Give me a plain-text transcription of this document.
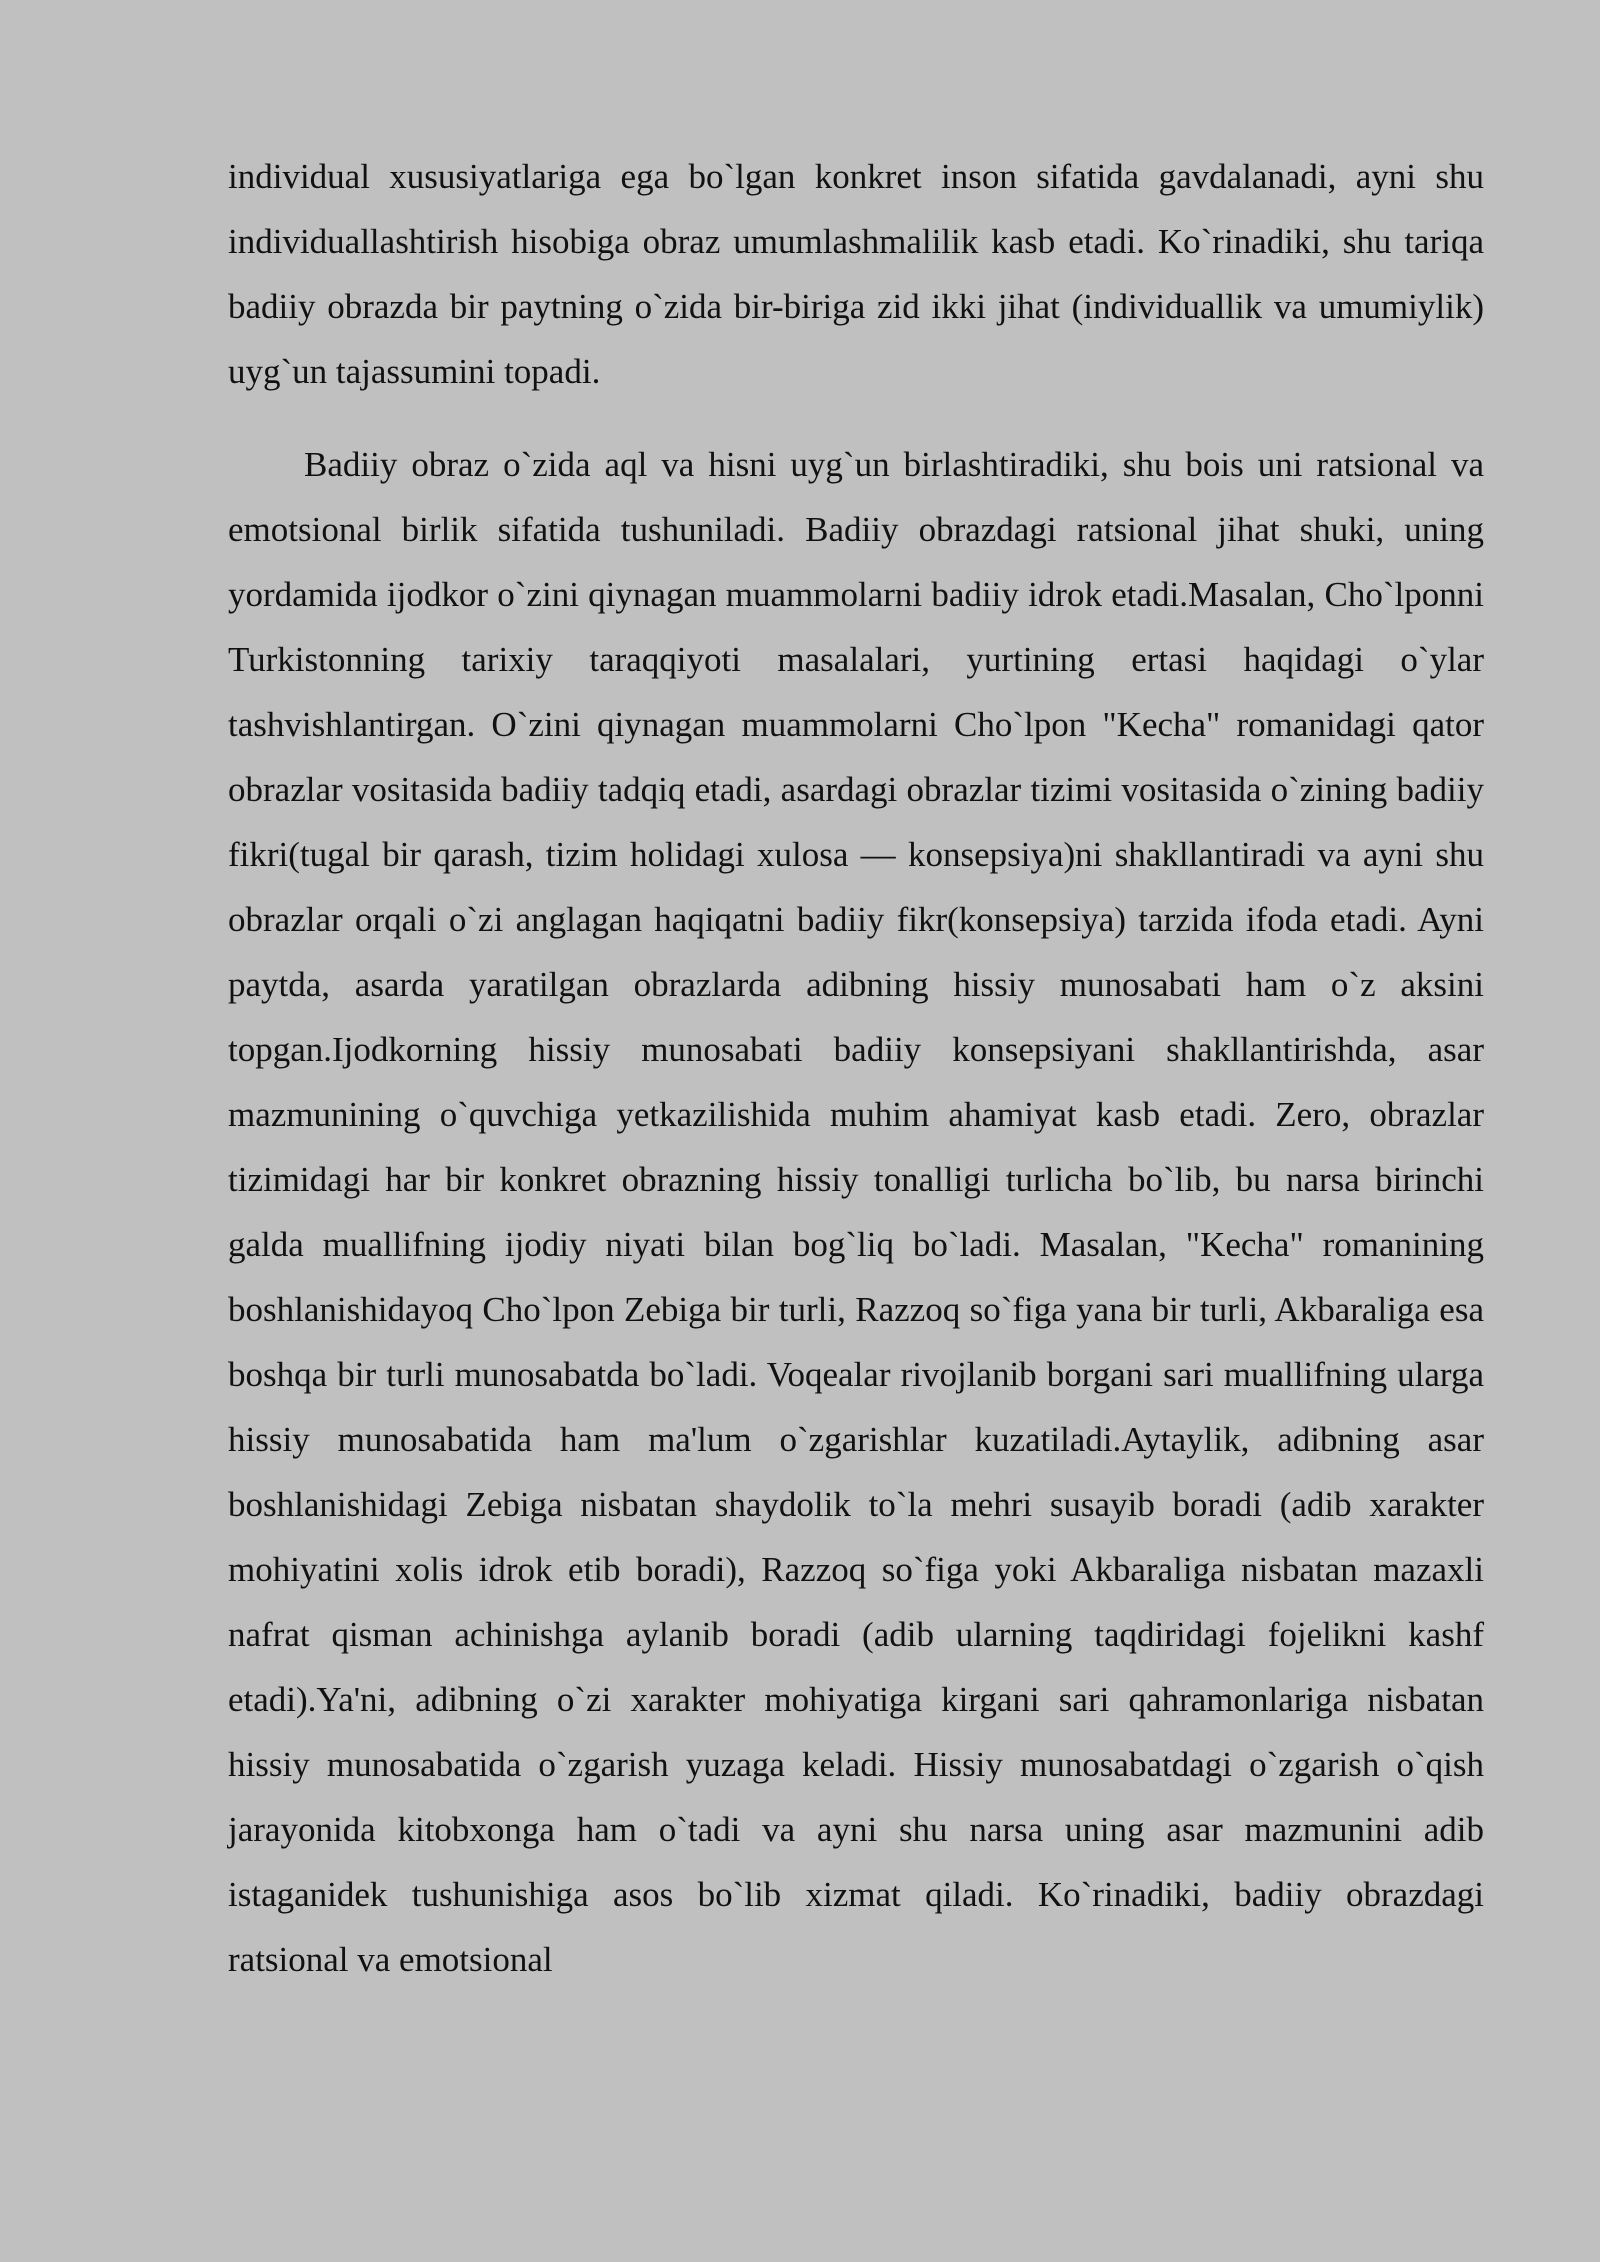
individual xususiyatlariga ega bo`lgan konkret inson sifatida gavdalanadi, ayni shu individuallashtirish hisobiga obraz umumlashmalilik kasb etadi. Ko`rinadiki, shu tariqa badiiy obrazda bir paytning o`zida bir-biriga zid ikki jihat (individuallik va umumiylik) uyg`un tajassumini topadi.

Badiiy obraz o`zida aql va hisni uyg`un birlashtiradiki, shu bois uni ratsional va emotsional birlik sifatida tushuniladi. Badiiy obrazdagi ratsional jihat shuki, uning yordamida ijodkor o`zini qiynagan muammolarni badiiy idrok etadi.Masalan, Cho`lponni Turkistonning tarixiy taraqqiyoti masalalari, yurtining ertasi haqidagi o`ylar tashvishlantirgan. O`zini qiynagan muammolarni Cho`lpon "Kecha" romanidagi qator obrazlar vositasida badiiy tadqiq etadi, asardagi obrazlar tizimi vositasida o`zining badiiy fikri(tugal bir qarash, tizim holidagi xulosa — konsepsiya)ni shakllantiradi va ayni shu obrazlar orqali o`zi anglagan haqiqatni badiiy fikr(konsepsiya) tarzida ifoda etadi. Ayni paytda, asarda yaratilgan obrazlarda adibning hissiy munosabati ham o`z aksini topgan.Ijodkorning hissiy munosabati badiiy konsepsiyani shakllantirishda, asar mazmunining o`quvchiga yetkazilishida muhim ahamiyat kasb etadi. Zero, obrazlar tizimidagi har bir konkret obrazning hissiy tonalligi turlicha bo`lib, bu narsa birinchi galda muallifning ijodiy niyati bilan bog`liq bo`ladi. Masalan, "Kecha" romanining boshlanishidayoq Cho`lpon Zebiga bir turli, Razzoq so`figa yana bir turli, Akbaraliga esa boshqa bir turli munosabatda bo`ladi. Voqealar rivojlanib borgani sari muallifning ularga hissiy munosabatida ham ma'lum o`zgarishlar kuzatiladi.Aytaylik, adibning asar boshlanishidagi Zebiga nisbatan shaydolik to`la mehri susayib boradi (adib xarakter mohiyatini xolis idrok etib boradi), Razzoq so`figa yoki Akbaraliga nisbatan mazaxli nafrat qisman achinishga aylanib boradi (adib ularning taqdiridagi fojelikni kashf etadi).Ya'ni, adibning o`zi xarakter mohiyatiga kirgani sari qahramonlariga nisbatan hissiy munosabatida o`zgarish yuzaga keladi. Hissiy munosabatdagi o`zgarish o`qish jarayonida kitobxonga ham o`tadi va ayni shu narsa uning asar mazmunini adib istaganidek tushunishiga asos bo`lib xizmat qiladi. Ko`rinadiki, badiiy obrazdagi ratsional va emotsional
